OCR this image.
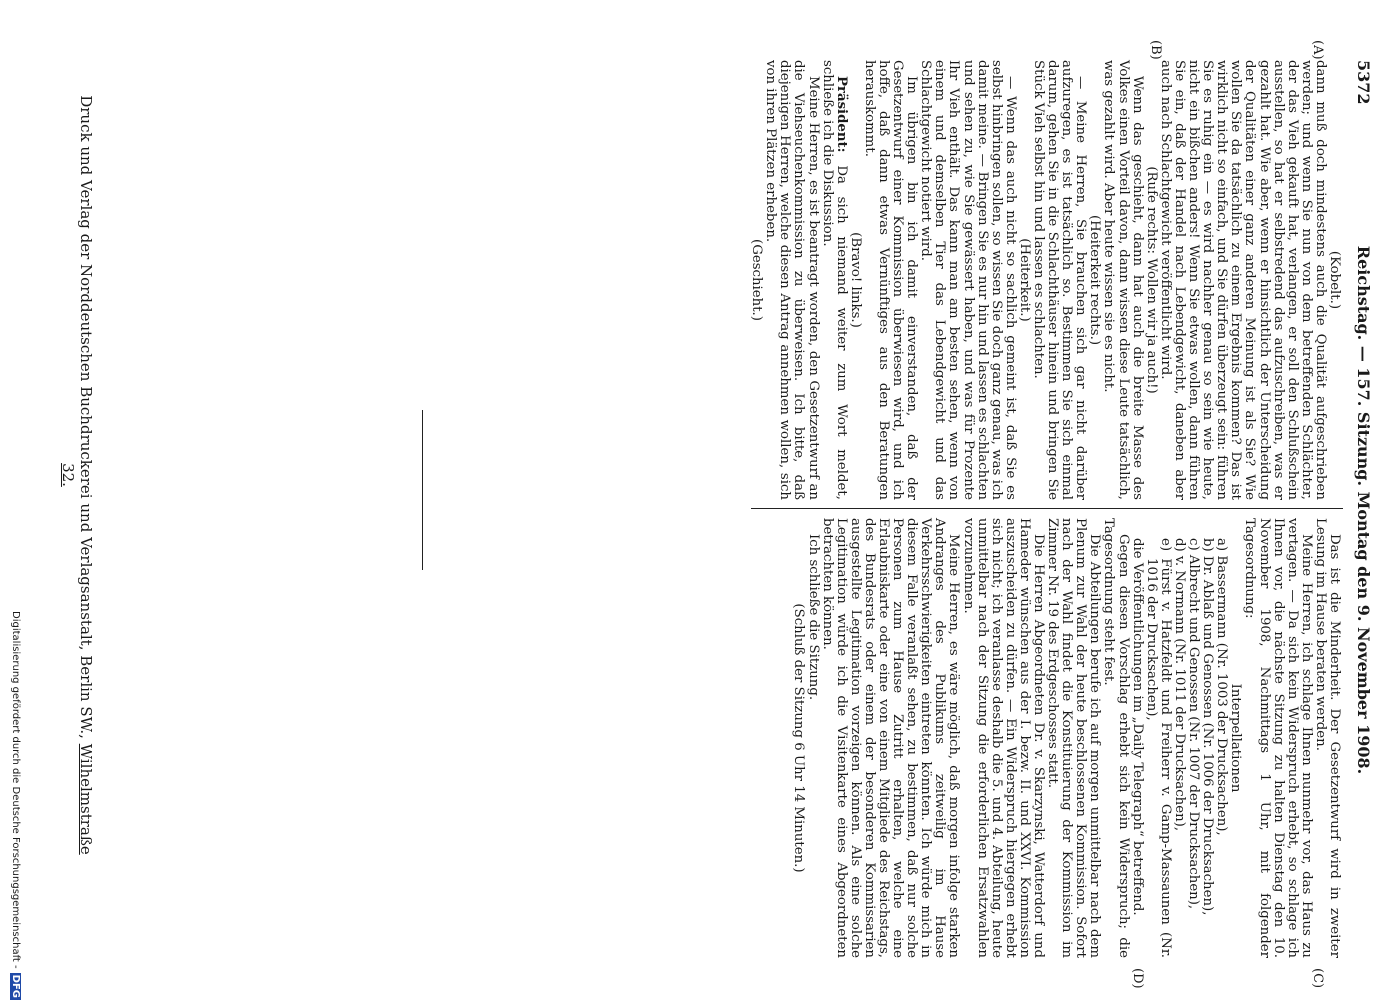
5372
Reichstag. — 157. Sitzung. Montag den 9. November 1908.
(A)
(B)
(C)
(D)

(Kobelt.)

dann muß doch mindestens auch die Qualität aufgeschrieben werden; und wenn Sie nun von dem betreffenden Schlächter, der das Vieh gekauft hat, verlangen, er soll den Schlußschein ausstellen, so hat er selbstredend das aufzuschreiben, was er gezahlt hat. Wie aber, wenn er hinsichtlich der Unterscheidung der Qualitäten einer ganz anderen Meinung ist als Sie? Wie wollen Sie da tatsächlich zu einem Ergebnis kommen? Das ist wirklich nicht so einfach, und Sie dürfen überzeugt sein: führen Sie es ruhig ein — es wird nachher genau so sein wie heute, nicht ein bißchen anders! Wenn Sie etwas wollen, dann führen Sie ein, daß der Handel nach Lebendgewicht, daneben aber auch nach Schlachtgewicht veröffentlicht wird.

(Rufe rechts: Wollen wir ja auch!)

Wenn das geschieht, dann hat auch die breite Masse des Volkes einen Vorteil davon, dann wissen diese Leute tatsächlich, was gezahlt wird. Aber heute wissen sie es nicht.

(Heiterkeit rechts.)

— Meine Herren, Sie brauchen sich gar nicht darüber aufzuregen, es ist tatsächlich so. Bestimmen Sie sich einmal darum, gehen Sie in die Schlachthäuser hinein und bringen Sie Stück Vieh selbst hin und lassen es schlachten.

(Heiterkeit.)

— Wenn das auch nicht so sachlich gemeint ist, daß Sie es selbst hinbringen sollen, so wissen Sie doch ganz genau, was ich damit meine. — Bringen Sie es nur hin und lassen es schlachten und sehen zu, wie Sie gewässert haben, und was für Prozente Ihr Vieh enthält. Das kann man am besten sehen, wenn von einem und demselben Tier das Lebendgewicht und das Schlachtgewicht notiert wird.

Im übrigen bin ich damit einverstanden, daß der Gesetzentwurf einer Kommission überwiesen wird, und ich hoffe, daß dann etwas Vernünftiges aus den Beratungen herauskommt.

(Bravo! links.)

Präsident: Da sich niemand weiter zum Wort meldet, schließe ich die Diskussion.

Meine Herren, es ist beantragt worden, den Gesetzentwurf an die Viehseuchenkommission zu überweisen. Ich bitte, daß diejenigen Herren, welche diesen Antrag annehmen wollen, sich von ihren Plätzen erheben.

(Geschieht.)

Das ist die Minderheit. Der Gesetzentwurf wird in zweiter Lesung im Hause beraten werden.

Meine Herren, ich schlage Ihnen nunmehr vor, das Haus zu vertagen. — Da sich kein Widerspruch erhebt, so schlage ich Ihnen vor, die nächste Sitzung zu halten Dienstag den 10. November 1908, Nachmittags 1 Uhr, mit folgender Tagesordnung:

Interpellationen

a) Bassermann (Nr. 1003 der Drucksachen),

b) Dr. Ablaß und Genossen (Nr. 1006 der Drucksachen),

c) Albrecht und Genossen (Nr. 1007 der Drucksachen),

d) v. Normann (Nr. 1011 der Drucksachen),

e) Fürst v. Hatzfeldt und Freiherr v. Gamp-Massaunen (Nr. 1016 der Drucksachen),

die Veröffentlichungen im „Daily Telegraph“ betreffend.

Gegen diesen Vorschlag erhebt sich kein Widerspruch; die Tagesordnung steht fest.

Die Abteilungen berufe ich auf morgen unmittelbar nach dem Plenum zur Wahl der heute beschlossenen Kommission. Sofort nach der Wahl findet die Konstituierung der Kommission im Zimmer Nr. 19 des Erdgeschosses statt.

Die Herren Abgeordneten Dr. v. Skarzynski, Watterdorf und Hameder wünschen aus der I. bezw. II. und XXVI. Kommission auszuscheiden zu dürfen. — Ein Widerspruch hiergegen erhebt sich nicht; ich veranlasse deshalb die 5. und 4. Abteilung, heute unmittelbar nach der Sitzung die erforderlichen Ersatzwahlen vorzunehmen.

Meine Herren, es wäre möglich, daß morgen infolge starken Andranges des Publikums zeitweilig im Hause Verkehrsschwierigkeiten eintreten könnten. Ich würde mich in diesem Falle veranlaßt sehen, zu bestimmen, daß nur solche Personen zum Hause Zutritt erhalten, welche eine Erlaubniskarte oder eine von einem Mitgliede des Reichstags, des Bundesrats oder einem der besonderen Kommissarien ausgestellte Legitimation vorzeigen können. Als eine solche Legitimation würde ich die Visitenkarte eines Abgeordneten betrachten können.

Ich schließe die Sitzung.

(Schluß der Sitzung 6 Uhr 14 Minuten.)

Druck und Verlag der Norddeutschen Buchdruckerei und Verlagsanstalt, Berlin SW., Wilhelmstraße 32.
Digitalisierung gefördert durch die Deutsche Forschungsgemeinschaft -DFG
